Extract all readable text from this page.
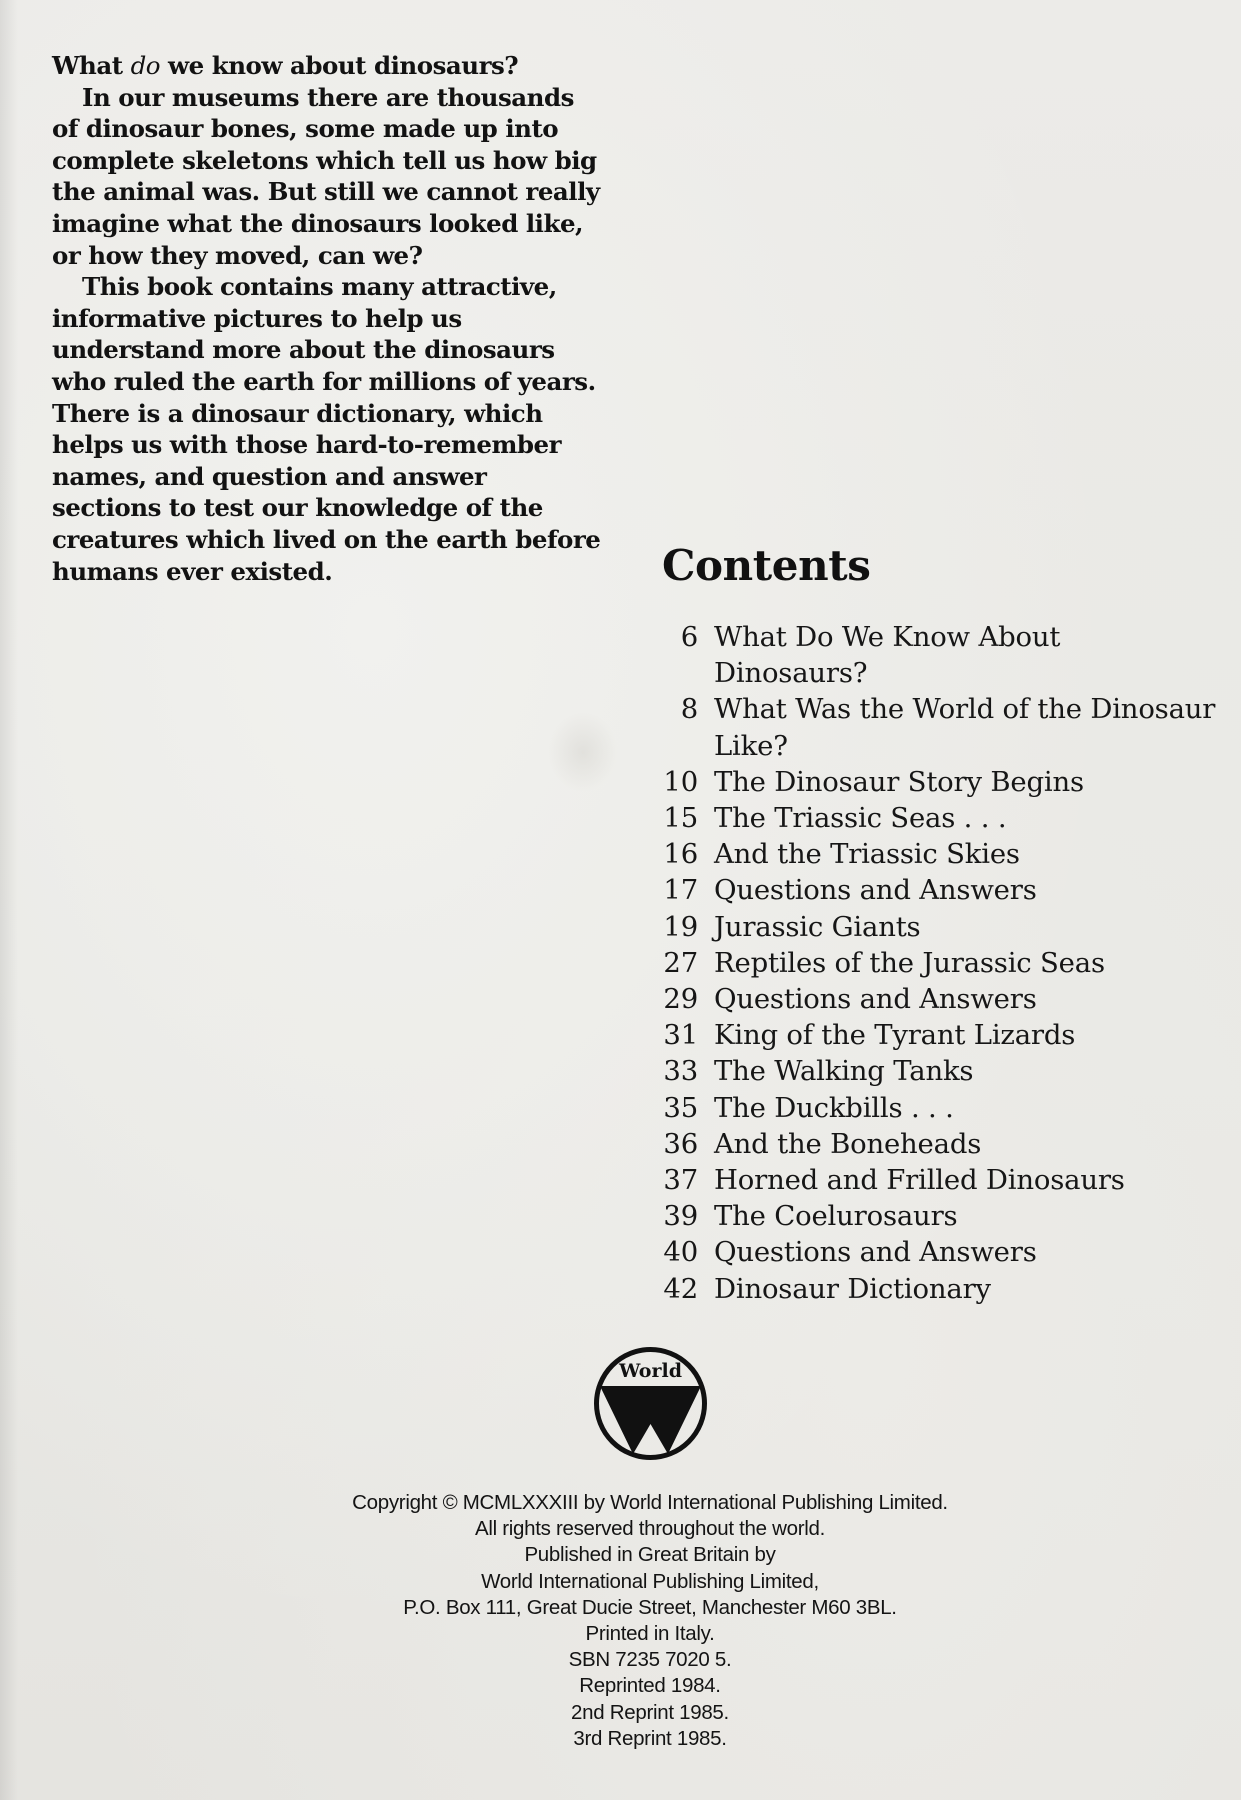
What do we know about dinosaurs?

In our museums there are thousands of dinosaur bones, some made up into complete skeletons which tell us how big the animal was. But still we cannot really imagine what the dinosaurs looked like, or how they moved, can we?

This book contains many attractive, informative pictures to help us understand more about the dinosaurs who ruled the earth for millions of years. There is a dinosaur dictionary, which helps us with those hard-to-remember names, and question and answer sections to test our knowledge of the creatures which lived on the earth before humans ever existed.	Contents
6 What Do We Know About Dinosaurs?
8 What Was the World of the Dinosaur Like?
10 The Dinosaur Story Begins
15 The Triassic Seas . . .
16 And the Triassic Skies
17 Questions and Answers
19 Jurassic Giants
27 Reptiles of the Jurassic Seas
29 Questions and Answers
31 King of the Tyrant Lizards
33 The Walking Tanks
35 The Duckbills . . .
36 And the Boneheads
37 Horned and Frilled Dinosaurs
39 The Coelurosaurs
40 Questions and Answers
42 Dinosaur Dictionary
World
Copyright © MCMLXXXIII by World International Publishing Limited.
All rights reserved throughout the world.
Published in Great Britain by
World International Publishing Limited,
P.O. Box 111, Great Ducie Street, Manchester M60 3BL.
Printed in Italy.
SBN 7235 7020 5.
Reprinted 1984.
2nd Reprint 1985.
3rd Reprint 1985.
